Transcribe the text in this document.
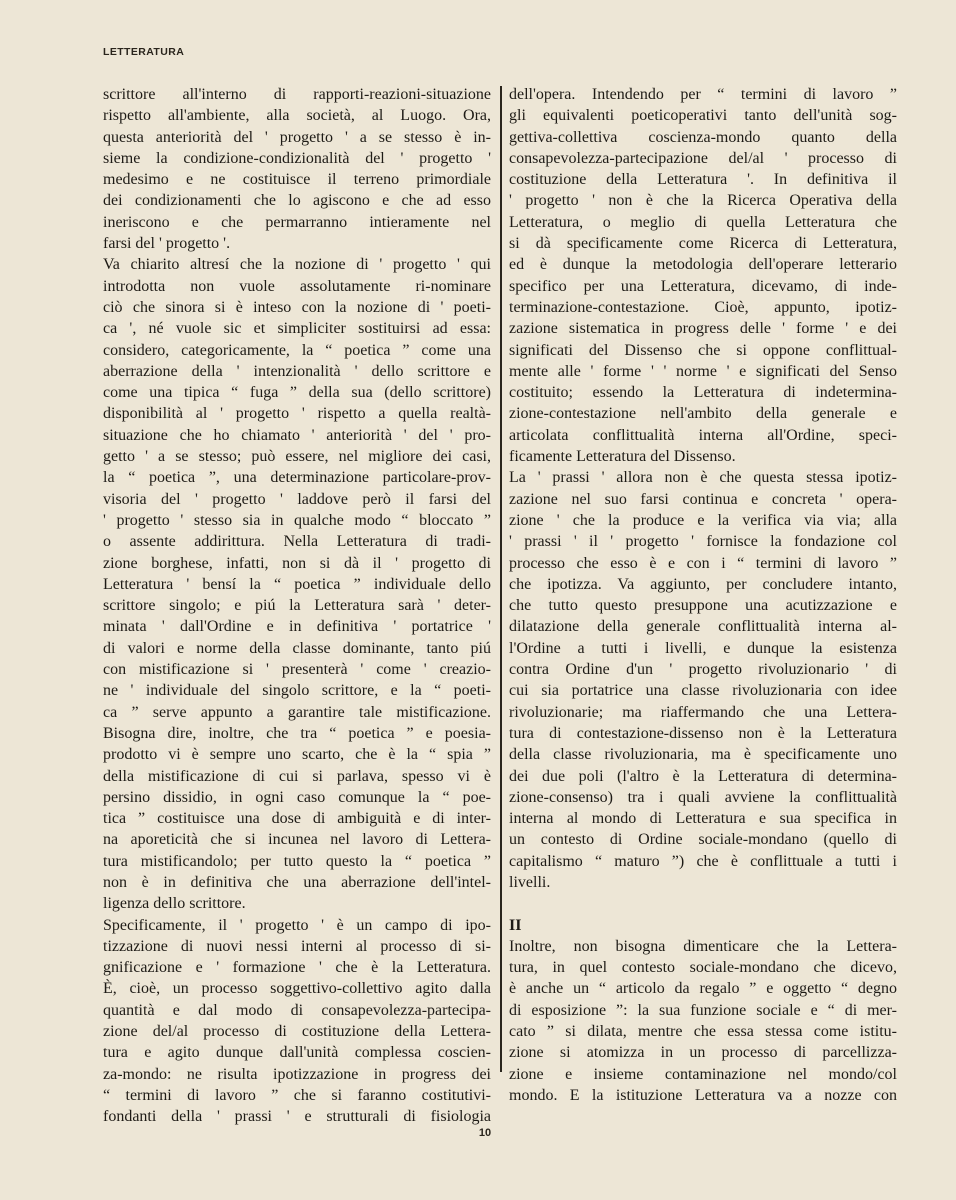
LETTERATURA
scrittore all'interno di rapporti-reazioni-situazione
rispetto all'ambiente, alla società, al Luogo. Ora,
questa anteriorità del ' progetto ' a se stesso è in-
sieme la condizione-condizionalità del ' progetto '
medesimo e ne costituisce il terreno primordiale
dei condizionamenti che lo agiscono e che ad esso
ineriscono e che permarranno intieramente nel
farsi del ' progetto '.
Va chiarito altresí che la nozione di ' progetto ' qui
introdotta non vuole assolutamente ri-nominare
ciò che sinora si è inteso con la nozione di ' poeti-
ca ', né vuole sic et simpliciter sostituirsi ad essa:
considero, categoricamente, la “ poetica ” come una
aberrazione della ' intenzionalità ' dello scrittore e
come una tipica “ fuga ” della sua (dello scrittore)
disponibilità al ' progetto ' rispetto a quella realtà-
situazione che ho chiamato ' anteriorità ' del ' pro-
getto ' a se stesso; può essere, nel migliore dei casi,
la “ poetica ”, una determinazione particolare-prov-
visoria del ' progetto ' laddove però il farsi del
' progetto ' stesso sia in qualche modo “ bloccato ”
o assente addirittura. Nella Letteratura di tradi-
zione borghese, infatti, non si dà il ' progetto di
Letteratura ' bensí la “ poetica ” individuale dello
scrittore singolo; e piú la Letteratura sarà ' deter-
minata ' dall'Ordine e in definitiva ' portatrice '
di valori e norme della classe dominante, tanto piú
con mistificazione si ' presenterà ' come ' creazio-
ne ' individuale del singolo scrittore, e la “ poeti-
ca ” serve appunto a garantire tale mistificazione.
Bisogna dire, inoltre, che tra “ poetica ” e poesia-
prodotto vi è sempre uno scarto, che è la “ spia ”
della mistificazione di cui si parlava, spesso vi è
persino dissidio, in ogni caso comunque la “ poe-
tica ” costituisce una dose di ambiguità e di inter-
na aporeticità che si incunea nel lavoro di Lettera-
tura mistificandolo; per tutto questo la “ poetica ”
non è in definitiva che una aberrazione dell'intel-
ligenza dello scrittore.
Specificamente, il ' progetto ' è un campo di ipo-
tizzazione di nuovi nessi interni al processo di si-
gnificazione e ' formazione ' che è la Letteratura.
È, cioè, un processo soggettivo-collettivo agito dalla
quantità e dal modo di consapevolezza-partecipa-
zione del/al processo di costituzione della Lettera-
tura e agito dunque dall'unità complessa coscien-
za-mondo: ne risulta ipotizzazione in progress dei
“ termini di lavoro ” che si faranno costitutivi-
fondanti della ' prassi ' e strutturali di fisiologia
dell'opera. Intendendo per “ termini di lavoro ”
gli equivalenti poeticoperativi tanto dell'unità sog-
gettiva-collettiva coscienza-mondo quanto della
consapevolezza-partecipazione del/al ' processo di
costituzione della Letteratura '. In definitiva il
' progetto ' non è che la Ricerca Operativa della
Letteratura, o meglio di quella Letteratura che
si dà specificamente come Ricerca di Letteratura,
ed è dunque la metodologia dell'operare letterario
specifico per una Letteratura, dicevamo, di inde-
terminazione-contestazione. Cioè, appunto, ipotiz-
zazione sistematica in progress delle ' forme ' e dei
significati del Dissenso che si oppone conflittual-
mente alle ' forme ' ' norme ' e significati del Senso
costituito; essendo la Letteratura di indetermina-
zione-contestazione nell'ambito della generale e
articolata conflittualità interna all'Ordine, speci-
ficamente Letteratura del Dissenso.
La ' prassi ' allora non è che questa stessa ipotiz-
zazione nel suo farsi continua e concreta ' opera-
zione ' che la produce e la verifica via via; alla
' prassi ' il ' progetto ' fornisce la fondazione col
processo che esso è e con i “ termini di lavoro ”
che ipotizza. Va aggiunto, per concludere intanto,
che tutto questo presuppone una acutizzazione e
dilatazione della generale conflittualità interna al-
l'Ordine a tutti i livelli, e dunque la esistenza
contra Ordine d'un ' progetto rivoluzionario ' di
cui sia portatrice una classe rivoluzionaria con idee
rivoluzionarie; ma riaffermando che una Lettera-
tura di contestazione-dissenso non è la Letteratura
della classe rivoluzionaria, ma è specificamente uno
dei due poli (l'altro è la Letteratura di determina-
zione-consenso) tra i quali avviene la conflittualità
interna al mondo di Letteratura e sua specifica in
un contesto di Ordine sociale-mondano (quello di
capitalismo “ maturo ”) che è conflittuale a tutti i
livelli.
II
Inoltre, non bisogna dimenticare che la Lettera-
tura, in quel contesto sociale-mondano che dicevo,
è anche un “ articolo da regalo ” e oggetto “ degno
di esposizione ”: la sua funzione sociale e “ di mer-
cato ” si dilata, mentre che essa stessa come istitu-
zione si atomizza in un processo di parcellizza-
zione e insieme contaminazione nel mondo/col
mondo. E la istituzione Letteratura va a nozze con
10
